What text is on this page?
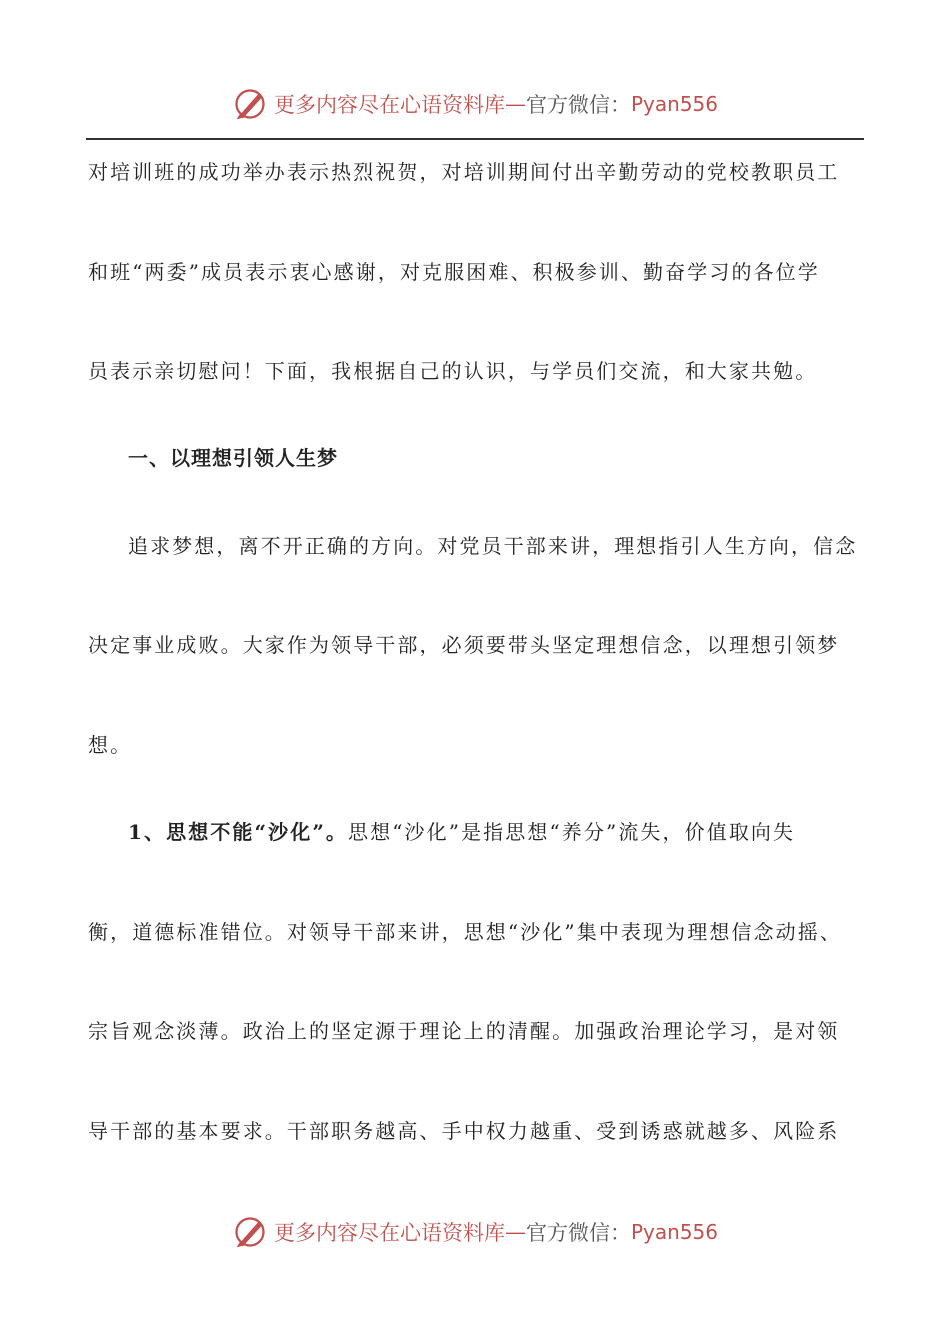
更多内容尽在心语资料库 — 官方微信： Pyan556
对培训班的成功举办表示热烈祝贺，对培训期间付出辛勤劳动的党校教职员工
和班“两委”成员表示衷心感谢，对克服困难、积极参训、勤奋学习的各位学
员表示亲切慰问！下面，我根据自己的认识，与学员们交流，和大家共勉。
一、以理想引领人生梦
追求梦想，离不开正确的方向。对党员干部来讲，理想指引人生方向，信念
决定事业成败。大家作为领导干部，必须要带头坚定理想信念，以理想引领梦
想。
1、思想不能“沙化”。思想“沙化”是指思想“养分”流失，价值取向失
衡，道德标准错位。对领导干部来讲，思想“沙化”集中表现为理想信念动摇、
宗旨观念淡薄。政治上的坚定源于理论上的清醒。加强政治理论学习，是对领
导干部的基本要求。干部职务越高、手中权力越重、受到诱惑就越多、风险系
更多内容尽在心语资料库 — 官方微信： Pyan556
